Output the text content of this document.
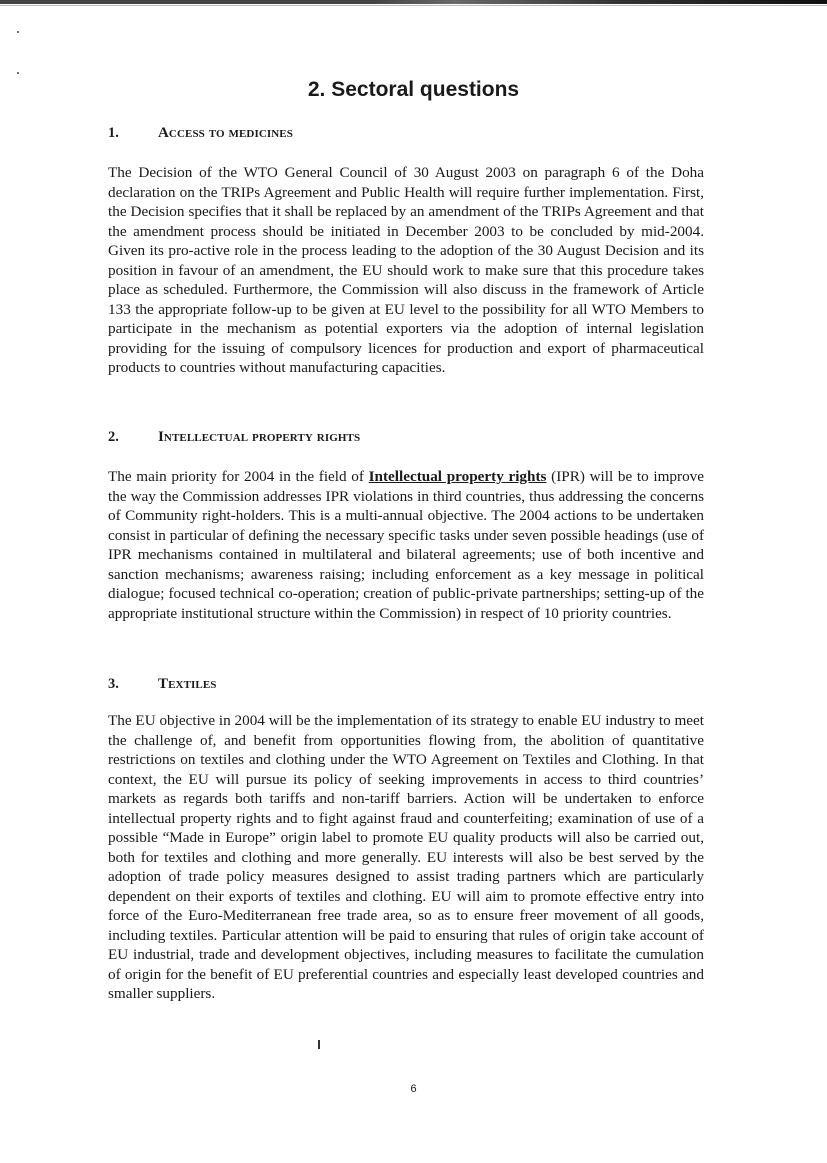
2. Sectoral questions
1.	Access to medicines

The Decision of the WTO General Council of 30 August 2003 on paragraph 6 of the Doha declaration on the TRIPs Agreement and Public Health will require further implementation. First, the Decision specifies that it shall be replaced by an amendment of the TRIPs Agreement and that the amendment process should be initiated in December 2003 to be concluded by mid-2004. Given its pro-active role in the process leading to the adoption of the 30 August Decision and its position in favour of an amendment, the EU should work to make sure that this procedure takes place as scheduled. Furthermore, the Commission will also discuss in the framework of Article 133 the appropriate follow-up to be given at EU level to the possibility for all WTO Members to participate in the mechanism as potential exporters via the adoption of internal legislation providing for the issuing of compulsory licences for production and export of pharmaceutical products to countries without manufacturing capacities.

2.	Intellectual property rights

The main priority for 2004 in the field of Intellectual property rights (IPR) will be to improve the way the Commission addresses IPR violations in third countries, thus addressing the concerns of Community right-holders. This is a multi-annual objective. The 2004 actions to be undertaken consist in particular of defining the necessary specific tasks under seven possible headings (use of IPR mechanisms contained in multilateral and bilateral agreements; use of both incentive and sanction mechanisms; awareness raising; including enforcement as a key message in political dialogue; focused technical co-operation; creation of public-private partnerships; setting-up of the appropriate institutional structure within the Commission) in respect of 10 priority countries.

3.	Textiles

The EU objective in 2004 will be the implementation of its strategy to enable EU industry to meet the challenge of, and benefit from opportunities flowing from, the abolition of quantitative restrictions on textiles and clothing under the WTO Agreement on Textiles and Clothing. In that context, the EU will pursue its policy of seeking improvements in access to third countries’ markets as regards both tariffs and non-tariff barriers. Action will be undertaken to enforce intellectual property rights and to fight against fraud and counterfeiting; examination of use of a possible “Made in Europe” origin label to promote EU quality products will also be carried out, both for textiles and clothing and more generally. EU interests will also be best served by the adoption of trade policy measures designed to assist trading partners which are particularly dependent on their exports of textiles and clothing. EU will aim to promote effective entry into force of the Euro-Mediterranean free trade area, so as to ensure freer movement of all goods, including textiles. Particular attention will be paid to ensuring that rules of origin take account of EU industrial, trade and development objectives, including measures to facilitate the cumulation of origin for the benefit of EU preferential countries and especially least developed countries and smaller suppliers.

6
